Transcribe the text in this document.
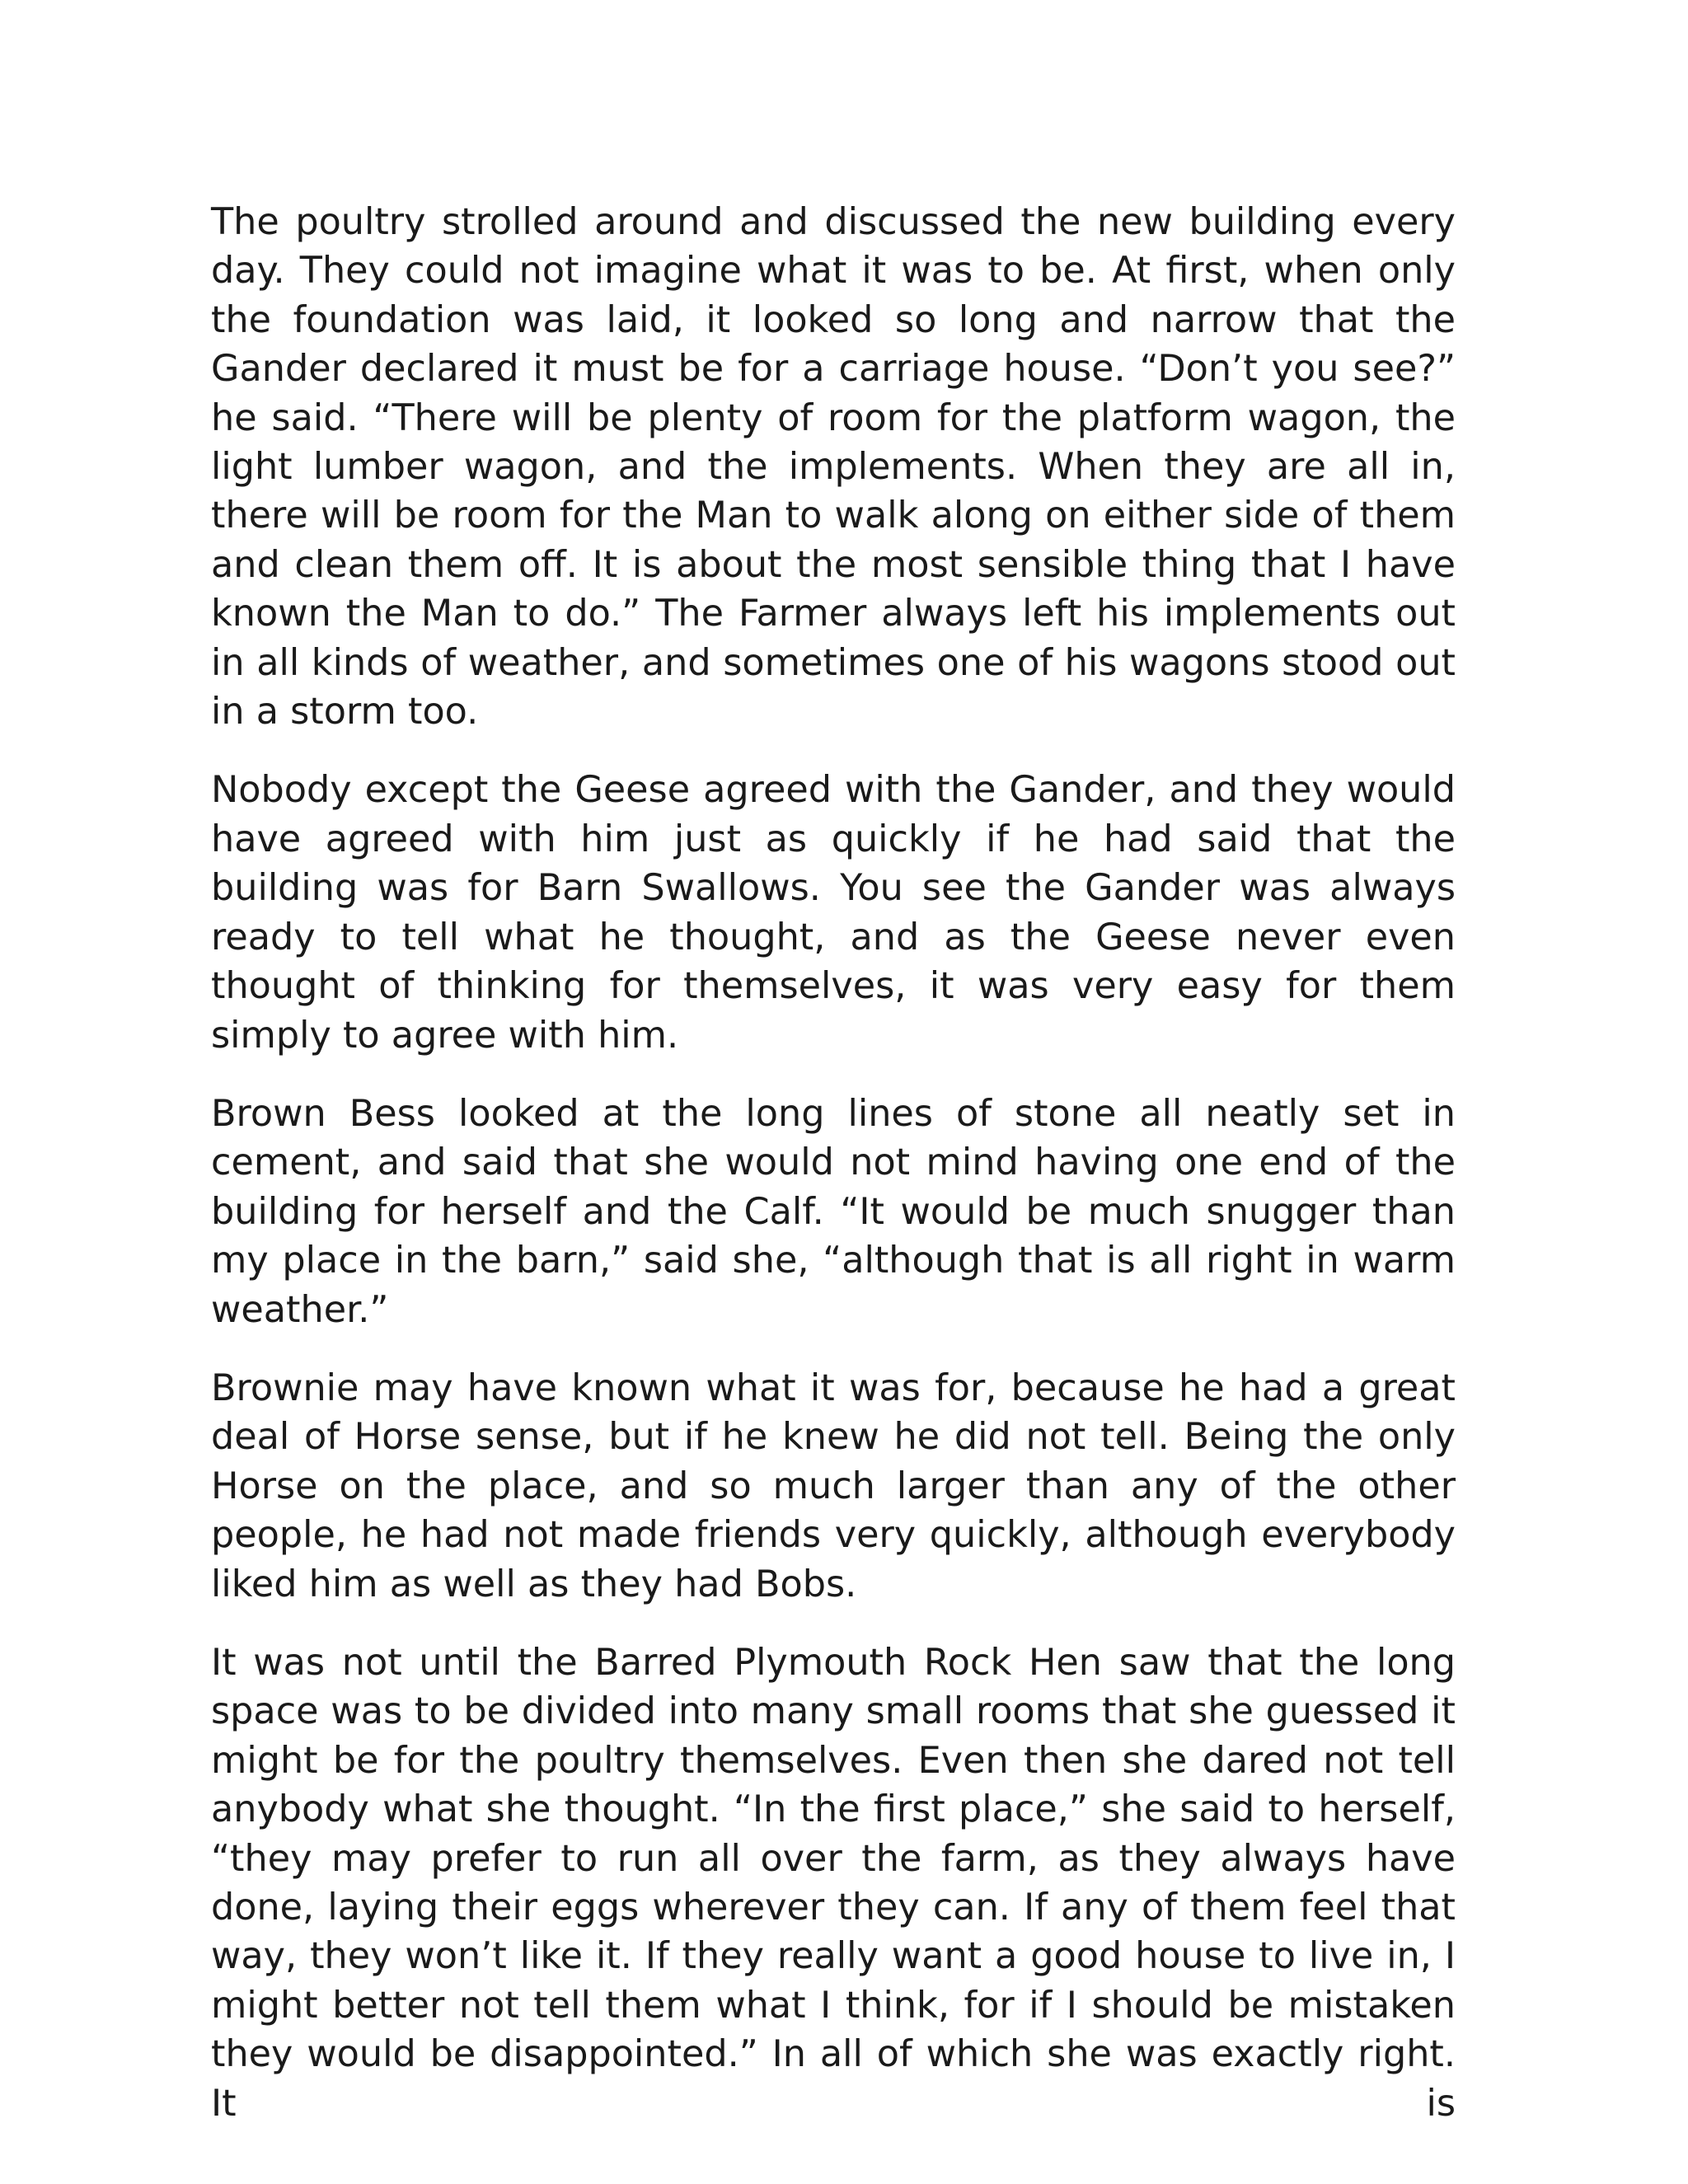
The poultry strolled around and discussed the new building every day. They could not imagine what it was to be. At first, when only the foundation was laid, it looked so long and narrow that the Gander declared it must be for a carriage house. “Don’t you see?” he said. “There will be plenty of room for the platform wagon, the light lumber wagon, and the implements. When they are all in, there will be room for the Man to walk along on either side of them and clean them off. It is about the most sensible thing that I have known the Man to do.” The Farmer always left his implements out in all kinds of weather, and sometimes one of his wagons stood out in a storm too.

Nobody except the Geese agreed with the Gander, and they would have agreed with him just as quickly if he had said that the building was for Barn Swallows. You see the Gander was always ready to tell what he thought, and as the Geese never even thought of thinking for themselves, it was very easy for them simply to agree with him.

Brown Bess looked at the long lines of stone all neatly set in cement, and said that she would not mind having one end of the building for herself and the Calf. “It would be much snugger than my place in the barn,” said she, “although that is all right in warm weather.”

Brownie may have known what it was for, because he had a great deal of Horse sense, but if he knew he did not tell. Being the only Horse on the place, and so much larger than any of the other people, he had not made friends very quickly, although everybody liked him as well as they had Bobs.

It was not until the Barred Plymouth Rock Hen saw that the long space was to be divided into many small rooms that she guessed it might be for the poultry themselves. Even then she dared not tell anybody what she thought. “In the first place,” she said to herself, “they may prefer to run all over the farm, as they always have done, laying their eggs wherever they can. If any of them feel that way, they won’t like it. If they really want a good house to live in, I might better not tell them what I think, for if I should be mistaken they would be disappointed.” In all of which she was exactly right. It is
